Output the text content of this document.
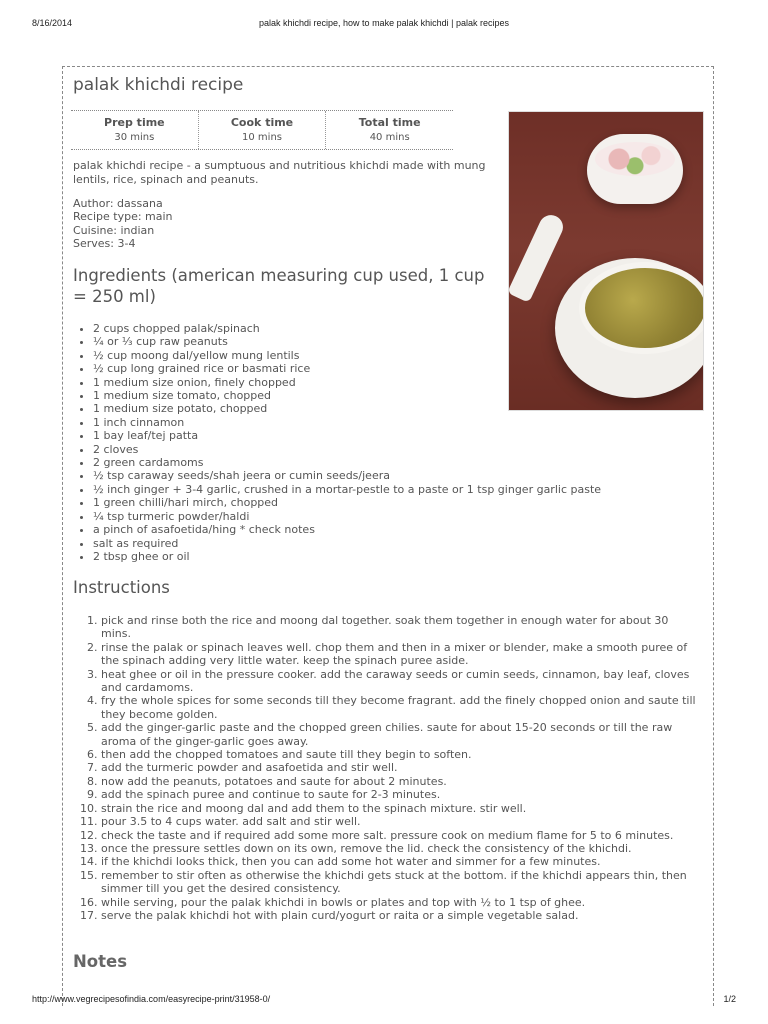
8/16/2014	palak khichdi recipe, how to make palak khichdi | palak recipes
palak khichdi recipe
Prep time
30 mins
Cook time
10 mins
Total time
40 mins

palak khichdi recipe - a sumptuous and nutritious khichdi made with mung lentils, rice, spinach and peanuts.

Author: dassana
Recipe type: main
Cuisine: indian
Serves: 3-4
Ingredients (american measuring cup used, 1 cup = 250 ml)
• 2 cups chopped palak/spinach
• ¼ or ⅓ cup raw peanuts
• ½ cup moong dal/yellow mung lentils
• ½ cup long grained rice or basmati rice
• 1 medium size onion, finely chopped
• 1 medium size tomato, chopped
• 1 medium size potato, chopped
• 1 inch cinnamon
• 1 bay leaf/tej patta
• 2 cloves
• 2 green cardamoms
• ½ tsp caraway seeds/shah jeera or cumin seeds/jeera
• ½ inch ginger + 3-4 garlic, crushed in a mortar-pestle to a paste or 1 tsp ginger garlic paste
• 1 green chilli/hari mirch, chopped
• ¼ tsp turmeric powder/haldi
• a pinch of asafoetida/hing * check notes
• salt as required
• 2 tbsp ghee or oil
Instructions
1. pick and rinse both the rice and moong dal together. soak them together in enough water for about 30 mins.
2. rinse the palak or spinach leaves well. chop them and then in a mixer or blender, make a smooth puree of the spinach adding very little water. keep the spinach puree aside.
3. heat ghee or oil in the pressure cooker. add the caraway seeds or cumin seeds, cinnamon, bay leaf, cloves and cardamoms.
4. fry the whole spices for some seconds till they become fragrant. add the finely chopped onion and saute till they become golden.
5. add the ginger-garlic paste and the chopped green chilies. saute for about 15-20 seconds or till the raw aroma of the ginger-garlic goes away.
6. then add the chopped tomatoes and saute till they begin to soften.
7. add the turmeric powder and asafoetida and stir well.
8. now add the peanuts, potatoes and saute for about 2 minutes.
9. add the spinach puree and continue to saute for 2-3 minutes.
10. strain the rice and moong dal and add them to the spinach mixture. stir well.
11. pour 3.5 to 4 cups water. add salt and stir well.
12. check the taste and if required add some more salt. pressure cook on medium flame for 5 to 6 minutes.
13. once the pressure settles down on its own, remove the lid. check the consistency of the khichdi.
14. if the khichdi looks thick, then you can add some hot water and simmer for a few minutes.
15. remember to stir often as otherwise the khichdi gets stuck at the bottom. if the khichdi appears thin, then simmer till you get the desired consistency.
16. while serving, pour the palak khichdi in bowls or plates and top with ½ to 1 tsp of ghee.
17. serve the palak khichdi hot with plain curd/yogurt or raita or a simple vegetable salad.
Notes
http://www.vegrecipesofindia.com/easyrecipe-print/31958-0/	1/2
